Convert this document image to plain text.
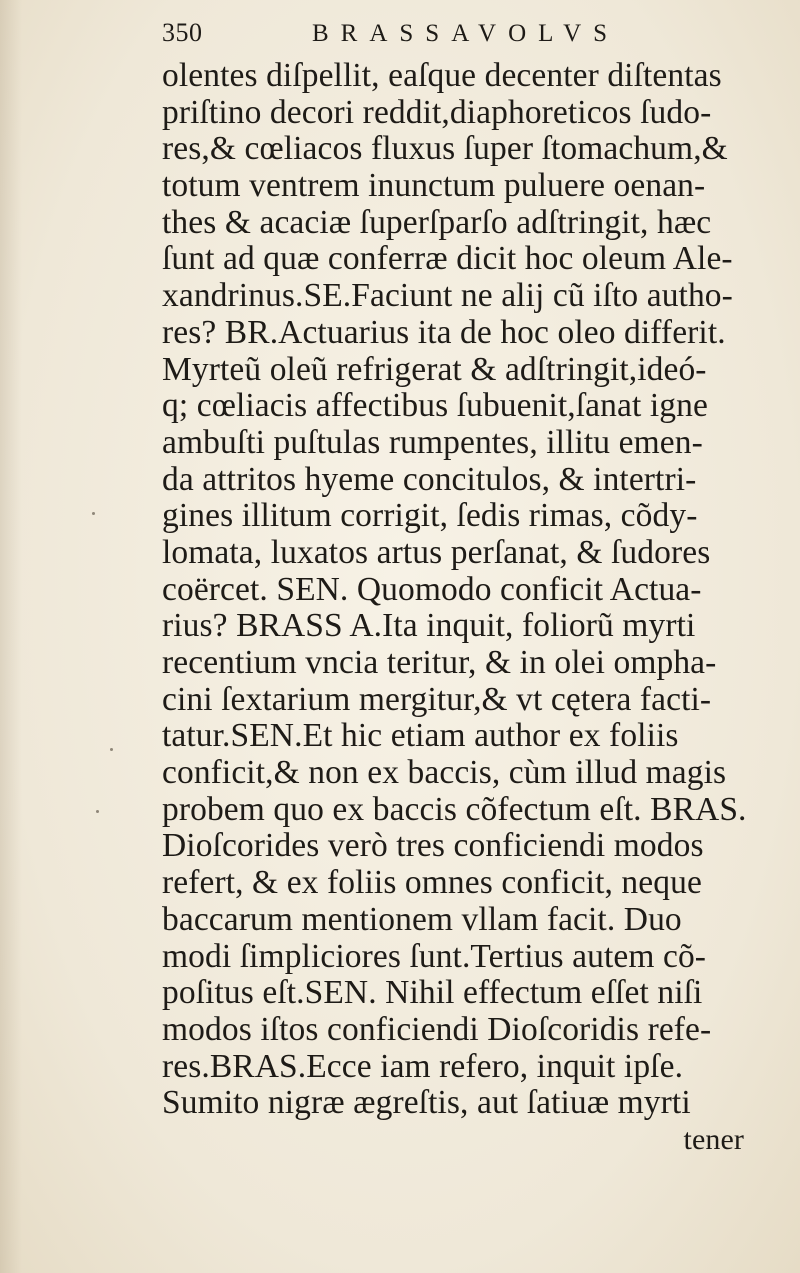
350	BRASSAVOLVS
olentes diſpellit, eaſque decenter diſtentas
priſtino decori reddit,diaphoreticos ſudo-
res,& cœliacos fluxus ſuper ſtomachum,&
totum ventrem inunctum puluere oenan-
thes & acaciæ ſuperſparſo adſtringit, hæc
ſunt ad quæ conferræ dicit hoc oleum Ale-
xandrinus.SE.Faciunt ne alij cũ iſto autho-
res? BR.Actuarius ita de hoc oleo differit.
Myrteũ oleũ refrigerat & adſtringit,ideó-
q; cœliacis affectibus ſubuenit,ſanat igne
ambuſti puſtulas rumpentes, illitu emen-
da attritos hyeme concitulos, & intertri-
gines illitum corrigit, ſedis rimas, cõdy-
lomata, luxatos artus perſanat, & ſudores
coërcet. SEN. Quomodo conficit Actua-
rius? BRASS A.Ita inquit, foliorũ myrti
recentium vncia teritur, & in olei ompha-
cini ſextarium mergitur,& vt cętera facti-
tatur.SEN.Et hic etiam author ex foliis
conficit,& non ex baccis, cùm illud magis
probem quo ex baccis cõfectum eſt. BRAS.
Dioſcorides verò tres conficiendi modos
refert, & ex foliis omnes conficit, neque
baccarum mentionem vllam facit. Duo
modi ſimpliciores ſunt.Tertius autem cõ-
poſitus eſt.SEN. Nihil effectum eſſet niſi
modos iſtos conficiendi Dioſcoridis refe-
res.BRAS.Ecce iam refero, inquit ipſe.
Sumito nigræ ægreſtis, aut ſatiuæ myrti
tener
